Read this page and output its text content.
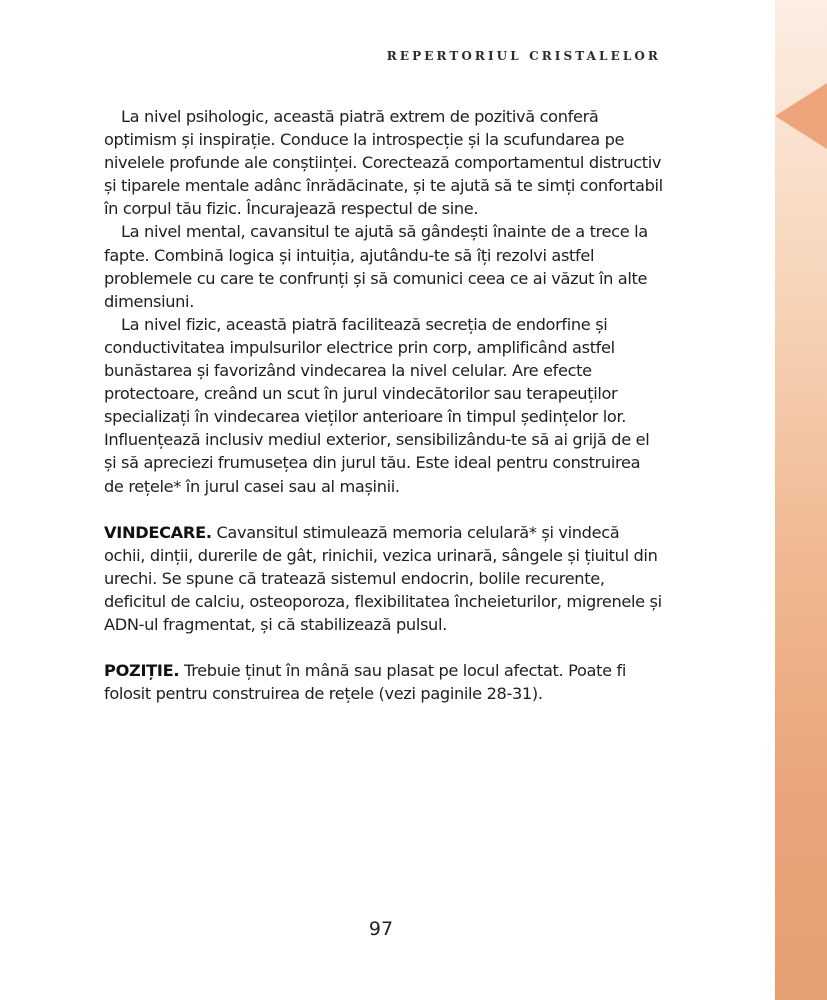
REPERTORIUL CRISTALELOR

La nivel psihologic, această piatră extrem de pozitivă conferă optimism și inspirație. Conduce la introspecție și la scufundarea pe nivelele profunde ale conștiinței. Corectează comportamentul distructiv și tiparele mentale adânc înrădăcinate, și te ajută să te simți confortabil în corpul tău fizic. Încurajează respectul de sine.

La nivel mental, cavansitul te ajută să gândești înainte de a trece la fapte. Combină logica și intuiția, ajutându-te să îți rezolvi astfel problemele cu care te confrunți și să comunici ceea ce ai văzut în alte dimensiuni.

La nivel fizic, această piatră facilitează secreția de endorfine și conductivitatea impulsurilor electrice prin corp, amplificând astfel bunăstarea și favorizând vindecarea la nivel celular. Are efecte protectoare, creând un scut în jurul vindecătorilor sau terapeuților specializați în vindecarea vieților anterioare în timpul ședințelor lor. Influențează inclusiv mediul exterior, sensibilizându-te să ai grijă de el și să apreciezi frumusețea din jurul tău. Este ideal pentru construirea de rețele* în jurul casei sau al mașinii.

VINDECARE. Cavansitul stimulează memoria celulară* și vindecă ochii, dinții, durerile de gât, rinichii, vezica urinară, sângele și țiuitul din urechi. Se spune că tratează sistemul endocrin, bolile recurente, deficitul de calciu, osteoporoza, flexibilitatea încheieturilor, migrenele și ADN-ul fragmentat, și că stabilizează pulsul.

POZIȚIE. Trebuie ținut în mână sau plasat pe locul afectat. Poate fi folosit pentru construirea de rețele (vezi paginile 28-31).

97
